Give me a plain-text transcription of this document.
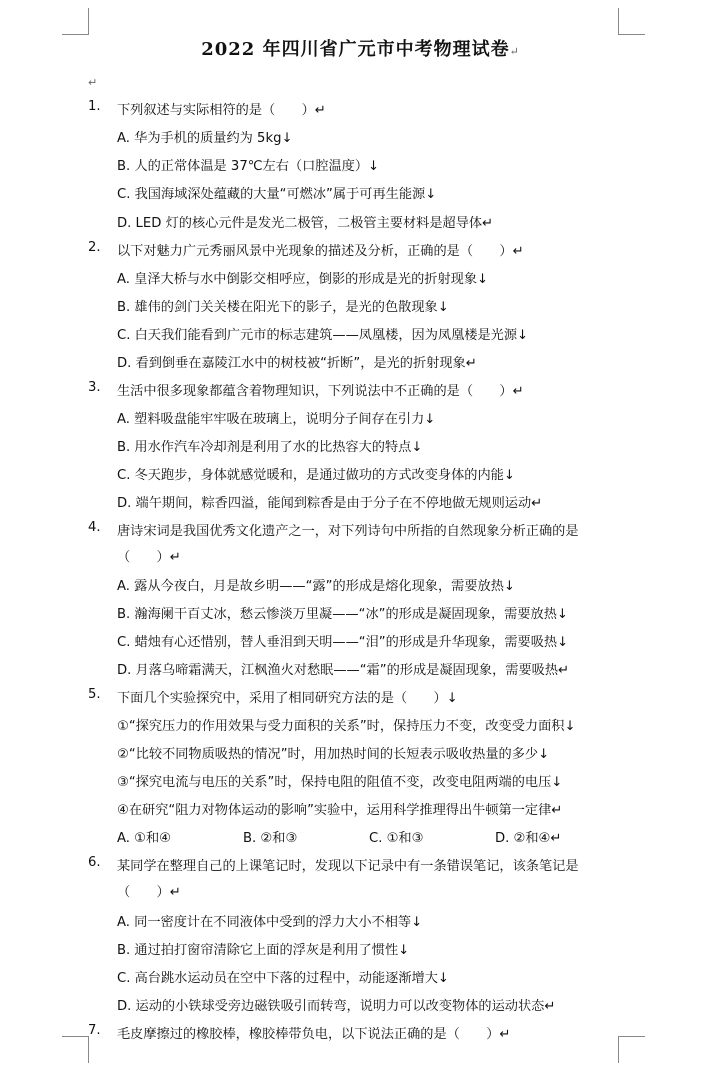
2022 年四川省广元市中考物理试卷↵
↵
1. 下列叙述与实际相符的是（　　）↵
A. 华为手机的质量约为 5kg↓
B. 人的正常体温是 37℃左右（口腔温度）↓
C. 我国海域深处蕴藏的大量“可燃冰”属于可再生能源↓
D. LED 灯的核心元件是发光二极管，二极管主要材料是超导体↵
2. 以下对魅力广元秀丽风景中光现象的描述及分析，正确的是（　　）↵
A. 皇泽大桥与水中倒影交相呼应，倒影的形成是光的折射现象↓
B. 雄伟的剑门关关楼在阳光下的影子，是光的色散现象↓
C. 白天我们能看到广元市的标志建筑——凤凰楼，因为凤凰楼是光源↓
D. 看到倒垂在嘉陵江水中的树枝被“折断”，是光的折射现象↵
3. 生活中很多现象都蕴含着物理知识，下列说法中不正确的是（　　）↵
A. 塑料吸盘能牢牢吸在玻璃上，说明分子间存在引力↓
B. 用水作汽车冷却剂是利用了水的比热容大的特点↓
C. 冬天跑步，身体就感觉暖和，是通过做功的方式改变身体的内能↓
D. 端午期间，粽香四溢，能闻到粽香是由于分子在不停地做无规则运动↵
4. 唐诗宋词是我国优秀文化遗产之一，对下列诗句中所指的自然现象分析正确的是
（　　）↵
A. 露从今夜白，月是故乡明——“露”的形成是熔化现象，需要放热↓
B. 瀚海阑干百丈冰，愁云惨淡万里凝——“冰”的形成是凝固现象，需要放热↓
C. 蜡烛有心还惜别，替人垂泪到天明——“泪”的形成是升华现象，需要吸热↓
D. 月落乌啼霜满天，江枫渔火对愁眠——“霜”的形成是凝固现象，需要吸热↵
5. 下面几个实验探究中，采用了相同研究方法的是（　　）↓
①“探究压力的作用效果与受力面积的关系”时，保持压力不变，改变受力面积↓
②“比较不同物质吸热的情况”时，用加热时间的长短表示吸收热量的多少↓
③“探究电流与电压的关系”时，保持电阻的阻值不变，改变电阻两端的电压↓
④在研究“阻力对物体运动的影响”实验中，运用科学推理得出牛顿第一定律↵
A. ①和④	B. ②和③	C. ①和③	D. ②和④↵
6. 某同学在整理自己的上课笔记时，发现以下记录中有一条错误笔记，该条笔记是
（　　）↵
A. 同一密度计在不同液体中受到的浮力大小不相等↓
B. 通过拍打窗帘清除它上面的浮灰是利用了惯性↓
C. 高台跳水运动员在空中下落的过程中，动能逐渐增大↓
D. 运动的小铁球受旁边磁铁吸引而转弯，说明力可以改变物体的运动状态↵
7. 毛皮摩擦过的橡胶棒，橡胶棒带负电，以下说法正确的是（　　）↵
